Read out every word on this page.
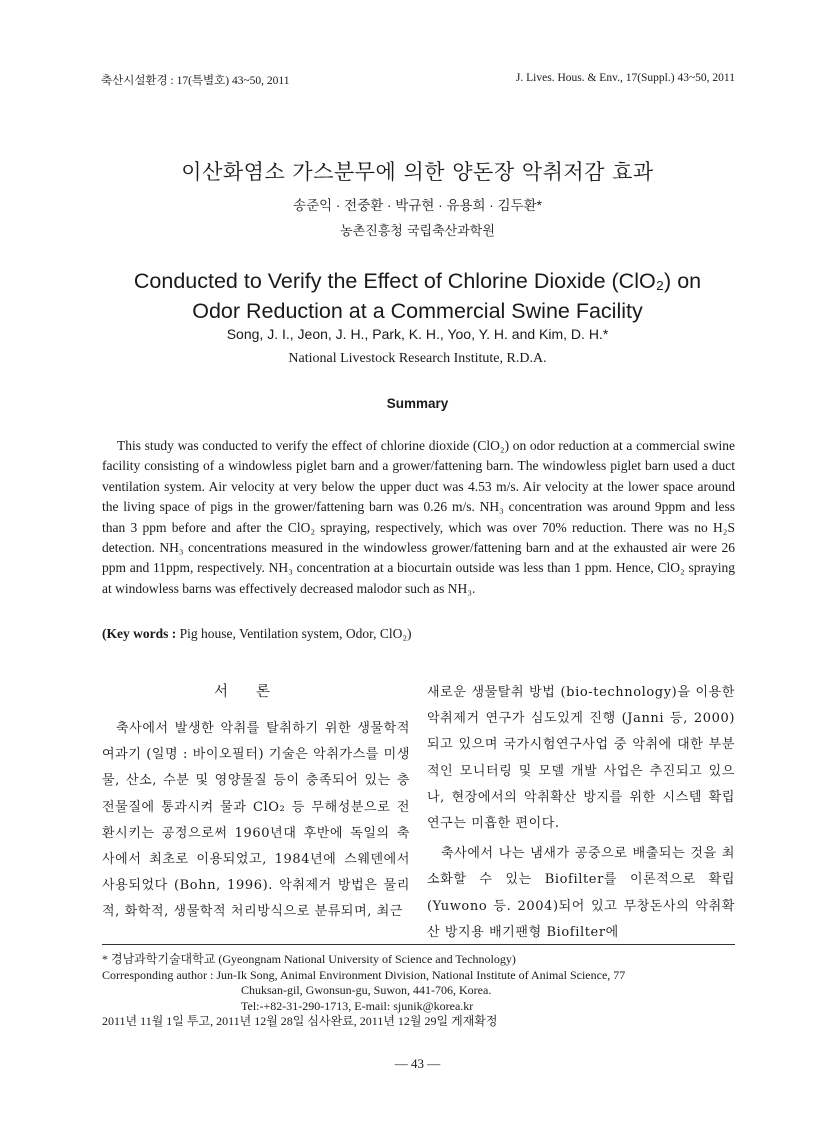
축산시설환경 : 17(특별호) 43~50, 2011	J. Lives. Hous. & Env., 17(Suppl.) 43~50, 2011
이산화염소 가스분무에 의한 양돈장 악취저감 효과
송준익 · 전중환 · 박규현 · 유용희 · 김두환*
농촌진흥청 국립축산과학원
Conducted to Verify the Effect of Chlorine Dioxide (ClO₂) on
Odor Reduction at a Commercial Swine Facility
Song, J. I., Jeon, J. H., Park, K. H., Yoo, Y. H. and Kim, D. H.*
National Livestock Research Institute, R.D.A.
Summary

This study was conducted to verify the effect of chlorine dioxide (ClO₂) on odor reduction at a commercial swine facility consisting of a windowless piglet barn and a grower/fattening barn. The windowless piglet barn used a duct ventilation system. Air velocity at very below the upper duct was 4.53 m/s. Air velocity at the lower space around the living space of pigs in the grower/fattening barn was 0.26 m/s. NH₃ concentration was around 9ppm and less than 3 ppm before and after the ClO₂ spraying, respectively, which was over 70% reduction. There was no H₂S detection. NH₃ concentrations measured in the windowless grower/fattening barn and at the exhausted air were 26 ppm and 11ppm, respectively. NH₃ concentration at a biocurtain outside was less than 1 ppm. Hence, ClO₂ spraying at windowless barns was effectively decreased malodor such as NH₃.

(Key words : Pig house, Ventilation system, Odor, ClO₂)
서론

축사에서 발생한 악취를 탈취하기 위한 생물학적 여과기 (일명 : 바이오필터) 기술은 악취가스를 미생물, 산소, 수분 및 영양물질 등이 충족되어 있는 충전물질에 통과시켜 물과 ClO₂ 등 무해성분으로 전환시키는 공정으로써 1960년대 후반에 독일의 축사에서 최초로 이용되었고, 1984년에 스웨덴에서 사용되었다 (Bohn, 1996). 악취제거 방법은 물리적, 화학적, 생물학적 처리방식으로 분류되며, 최근

새로운 생물탈취 방법 (bio-technology)을 이용한 악취제거 연구가 심도있게 진행 (Janni 등, 2000)되고 있으며 국가시험연구사업 중 악취에 대한 부분적인 모니터링 및 모델 개발 사업은 추진되고 있으나, 현장에서의 악취확산 방지를 위한 시스템 확립 연구는 미흡한 편이다.

축사에서 나는 냄새가 공중으로 배출되는 것을 최소화할 수 있는 Biofilter를 이론적으로 확립 (Yuwono 등. 2004)되어 있고 무창돈사의 악취확산 방지용 배기팬형 Biofilter에

* 경남과학기술대학교 (Gyeongnam National University of Science and Technology)
Corresponding author : Jun-Ik Song, Animal Environment Division, National Institute of Animal Science, 77
Chuksan-gil, Gwonsun-gu, Suwon, 441-706, Korea.
Tel:-+82-31-290-1713, E-mail: sjunik@korea.kr
2011년 11월 1일 투고, 2011년 12월 28일 심사완료, 2011년 12월 29일 게재확정
— 43 —
